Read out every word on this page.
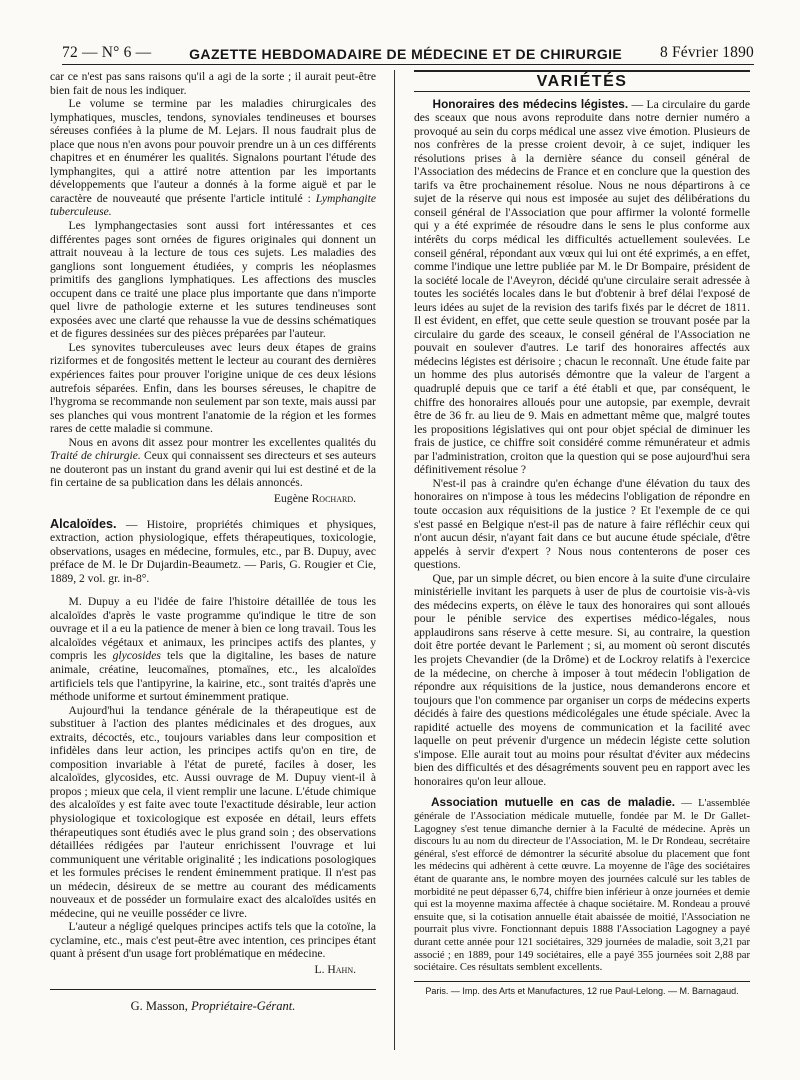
72 — N° 6 —	GAZETTE HEBDOMADAIRE DE MÉDECINE ET DE CHIRURGIE 8 Février 1890

car ce n'est pas sans raisons qu'il a agi de la sorte ; il aurait peut-être bien fait de nous les indiquer.

Le volume se termine par les maladies chirurgicales des lymphatiques, muscles, tendons, synoviales tendineuses et bourses séreuses confiées à la plume de M. Lejars. Il nous faudrait plus de place que nous n'en avons pour pouvoir prendre un à un ces différents chapitres et en énumérer les qualités. Signalons pourtant l'étude des lymphangites, qui a attiré notre attention par les importants développements que l'auteur a donnés à la forme aiguë et par le caractère de nouveauté que présente l'article intitulé : Lymphangite tuberculeuse.

Les lymphangectasies sont aussi fort intéressantes et ces différentes pages sont ornées de figures originales qui donnent un attrait nouveau à la lecture de tous ces sujets. Les maladies des ganglions sont longuement étudiées, y compris les néoplasmes primitifs des ganglions lymphatiques. Les affections des muscles occupent dans ce traité une place plus importante que dans n'importe quel livre de pathologie externe et les sutures tendineuses sont exposées avec une clarté que rehausse la vue de dessins schématiques et de figures dessinées sur des pièces préparées par l'auteur.

Les synovites tuberculeuses avec leurs deux étapes de grains riziformes et de fongosités mettent le lecteur au courant des dernières expériences faites pour prouver l'origine unique de ces deux lésions autrefois séparées. Enfin, dans les bourses séreuses, le chapitre de l'hygroma se recommande non seulement par son texte, mais aussi par ses planches qui vous montrent l'anatomie de la région et les formes rares de cette maladie si commune.

Nous en avons dit assez pour montrer les excellentes qualités du Traité de chirurgie. Ceux qui connaissent ses directeurs et ses auteurs ne douteront pas un instant du grand avenir qui lui est destiné et de la fin certaine de sa publication dans les délais annoncés.

Eugène Rochard.

Alcaloïdes. — Histoire, propriétés chimiques et physiques, extraction, action physiologique, effets thérapeutiques, toxicologie, observations, usages en médecine, formules, etc., par B. Dupuy, avec préface de M. le Dr Dujardin-Beaumetz. — Paris, G. Rougier et Cie, 1889, 2 vol. gr. in-8°.

M. Dupuy a eu l'idée de faire l'histoire détaillée de tous les alcaloïdes d'après le vaste programme qu'indique le titre de son ouvrage et il a eu la patience de mener à bien ce long travail. Tous les alcaloïdes végétaux et animaux, les principes actifs des plantes, y compris les glycosides tels que la digitaline, les bases de nature animale, créatine, leucomaïnes, ptomaïnes, etc., les alcaloïdes artificiels tels que l'antipyrine, la kairine, etc., sont traités d'après une méthode uniforme et surtout éminemment pratique.

Aujourd'hui la tendance générale de la thérapeutique est de substituer à l'action des plantes médicinales et des drogues, aux extraits, décoctés, etc., toujours variables dans leur composition et infidèles dans leur action, les principes actifs qu'on en tire, de composition invariable à l'état de pureté, faciles à doser, les alcaloïdes, glycosides, etc. Aussi ouvrage de M. Dupuy vient-il à propos ; mieux que cela, il vient remplir une lacune. L'étude chimique des alcaloïdes y est faite avec toute l'exactitude désirable, leur action physiologique et toxicologique est exposée en détail, leurs effets thérapeutiques sont étudiés avec le plus grand soin ; des observations détaillées rédigées par l'auteur enrichissent l'ouvrage et lui communiquent une véritable originalité ; les indications posologiques et les formules précises le rendent éminemment pratique. Il n'est pas un médecin, désireux de se mettre au courant des médicaments nouveaux et de posséder un formulaire exact des alcaloïdes usités en médecine, qui ne veuille posséder ce livre.

L'auteur a négligé quelques principes actifs tels que la cotoïne, la cyclamine, etc., mais c'est peut-être avec intention, ces principes étant quant à présent d'un usage fort problématique en médecine.

L. Hahn.

G. Masson, Propriétaire-Gérant.
VARIÉTÉS

Honoraires des médecins légistes. — La circulaire du garde des sceaux que nous avons reproduite dans notre dernier numéro a provoqué au sein du corps médical une assez vive émotion. Plusieurs de nos confrères de la presse croient devoir, à ce sujet, indiquer les résolutions prises à la dernière séance du conseil général de l'Association des médecins de France et en conclure que la question des tarifs va être prochainement résolue. Nous ne nous départirons à ce sujet de la réserve qui nous est imposée au sujet des délibérations du conseil général de l'Association que pour affirmer la volonté formelle qui y a été exprimée de résoudre dans le sens le plus conforme aux intérêts du corps médical les difficultés actuellement soulevées. Le conseil général, répondant aux vœux qui lui ont été exprimés, a en effet, comme l'indique une lettre publiée par M. le Dr Bompaire, président de la société locale de l'Aveyron, décidé qu'une circulaire serait adressée à toutes les sociétés locales dans le but d'obtenir à bref délai l'exposé de leurs idées au sujet de la revision des tarifs fixés par le décret de 1811. Il est évident, en effet, que cette seule question se trouvant posée par la circulaire du garde des sceaux, le conseil général de l'Association ne pouvait en soulever d'autres. Le tarif des honoraires affectés aux médecins légistes est dérisoire ; chacun le reconnaît. Une étude faite par un homme des plus autorisés démontre que la valeur de l'argent a quadruplé depuis que ce tarif a été établi et que, par conséquent, le chiffre des honoraires alloués pour une autopsie, par exemple, devrait être de 36 fr. au lieu de 9. Mais en admettant même que, malgré toutes les propositions législatives qui ont pour objet spécial de diminuer les frais de justice, ce chiffre soit considéré comme rémunérateur et admis par l'administration, croiton que la question qui se pose aujourd'hui sera définitivement résolue ?

N'est-il pas à craindre qu'en échange d'une élévation du taux des honoraires on n'impose à tous les médecins l'obligation de répondre en toute occasion aux réquisitions de la justice ? Et l'exemple de ce qui s'est passé en Belgique n'est-il pas de nature à faire réfléchir ceux qui n'ont aucun désir, n'ayant fait dans ce but aucune étude spéciale, d'être appelés à servir d'expert ? Nous nous contenterons de poser ces questions.

Que, par un simple décret, ou bien encore à la suite d'une circulaire ministérielle invitant les parquets à user de plus de courtoisie vis-à-vis des médecins experts, on élève le taux des honoraires qui sont alloués pour le pénible service des expertises médico-légales, nous applaudirons sans réserve à cette mesure. Si, au contraire, la question doit être portée devant le Parlement ; si, au moment où seront discutés les projets Chevandier (de la Drôme) et de Lockroy relatifs à l'exercice de la médecine, on cherche à imposer à tout médecin l'obligation de répondre aux réquisitions de la justice, nous demanderons encore et toujours que l'on commence par organiser un corps de médecins experts décidés à faire des questions médicolégales une étude spéciale. Avec la rapidité actuelle des moyens de communication et la facilité avec laquelle on peut prévenir d'urgence un médecin légiste cette solution s'impose. Elle aurait tout au moins pour résultat d'éviter aux médecins bien des difficultés et des désagréments souvent peu en rapport avec les honoraires qu'on leur alloue.

Association mutuelle en cas de maladie. — L'assemblée générale de l'Association médicale mutuelle, fondée par M. le Dr Gallet-Lagogney s'est tenue dimanche dernier à la Faculté de médecine. Après un discours lu au nom du directeur de l'Association, M. le Dr Rondeau, secrétaire général, s'est efforcé de démontrer la sécurité absolue du placement que font les médecins qui adhèrent à cette œuvre. La moyenne de l'âge des sociétaires étant de quarante ans, le nombre moyen des journées calculé sur les tables de morbidité ne peut dépasser 6,74, chiffre bien inférieur à onze journées et demie qui est la moyenne maxima affectée à chaque sociétaire. M. Rondeau a prouvé ensuite que, si la cotisation annuelle était abaissée de moitié, l'Association ne pourrait plus vivre. Fonctionnant depuis 1888 l'Association Lagogney a payé durant cette année pour 121 sociétaires, 329 journées de maladie, soit 3,21 par associé ; en 1889, pour 149 sociétaires, elle a payé 355 journées soit 2,88 par sociétaire. Ces résultats semblent excellents.

Paris. — Imp. des Arts et Manufactures, 12 rue Paul-Lelong. — M. Barnagaud.
